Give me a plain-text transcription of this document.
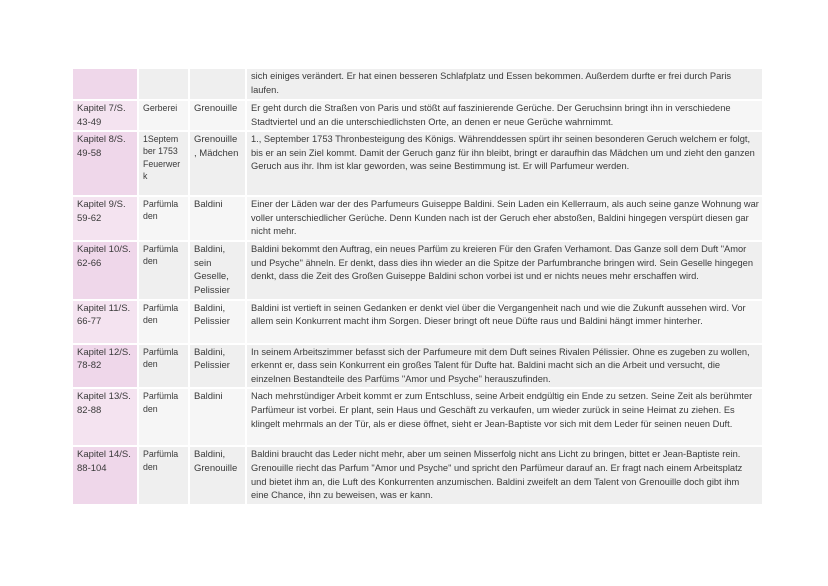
			sich einiges verändert. Er hat einen besseren Schlafplatz und Essen bekommen. Außerdem durfte er frei durch Paris laufen.
Kapitel 7/S. 43-49	Gerberei	Grenouille	Er geht durch die Straßen von Paris und stößt auf faszinierende Gerüche. Der Geruchsinn bringt ihn in verschiedene Stadtviertel und an die unterschiedlichsten Orte, an denen er neue Gerüche wahrnimmt.
Kapitel 8/S. 49-58	1Septem ber 1753 Feuerwer k	Grenouille , Mädchen	1., September 1753 Thronbesteigung des Königs. Währenddessen spürt ihr seinen besonderen Geruch welchem er folgt, bis er an sein Ziel kommt. Damit der Geruch ganz für ihn bleibt, bringt er daraufhin das Mädchen um und zieht den ganzen Geruch aus ihr. Ihm ist klar geworden, was seine Bestimmung ist. Er will Parfumeur werden.
Kapitel 9/S. 59-62	Parfümla den	Baldini	Einer der Läden war der des Parfumeurs Guiseppe Baldini. Sein Laden ein Kellerraum, als auch seine ganze Wohnung war voller unterschiedlicher Gerüche. Denn Kunden nach ist der Geruch eher abstoßen, Baldini hingegen verspürt diesen gar nicht mehr.
Kapitel 10/S. 62-66	Parfümla den	Baldini, sein Geselle, Pelissier	Baldini bekommt den Auftrag, ein neues Parfüm zu kreieren Für den Grafen Verhamont. Das Ganze soll dem Duft "Amor und Psyche" ähneln. Er denkt, dass dies ihn wieder an die Spitze der Parfumbranche bringen wird. Sein Geselle hingegen denkt, dass die Zeit des Großen Guiseppe Baldini schon vorbei ist und er nichts neues mehr erschaffen wird.
Kapitel 11/S. 66-77	Parfümla den	Baldini, Pelissier	Baldini ist vertieft in seinen Gedanken er denkt viel über die Vergangenheit nach und wie die Zukunft aussehen wird. Vor allem sein Konkurrent macht ihm Sorgen. Dieser bringt oft neue Düfte raus und Baldini hängt immer hinterher.
Kapitel 12/S. 78-82	Parfümla den	Baldini, Pelissier	In seinem Arbeitszimmer befasst sich der Parfumeure mit dem Duft seines Rivalen Pélissier. Ohne es zugeben zu wollen, erkennt er, dass sein Konkurrent ein großes Talent für Dufte hat. Baldini macht sich an die Arbeit und versucht, die einzelnen Bestandteile des Parfüms "Amor und Psyche" herauszufinden.
Kapitel 13/S. 82-88	Parfümla den	Baldini	Nach mehrstündiger Arbeit kommt er zum Entschluss, seine Arbeit endgültig ein Ende zu setzen. Seine Zeit als berühmter Parfümeur ist vorbei. Er plant, sein Haus und Geschäft zu verkaufen, um wieder zurück in seine Heimat zu ziehen. Es klingelt mehrmals an der Tür, als er diese öffnet, sieht er Jean-Baptiste vor sich mit dem Leder für seinen neuen Duft.
Kapitel 14/S. 88-104	Parfümla den	Baldini, Grenouille	Baldini braucht das Leder nicht mehr, aber um seinen Misserfolg nicht ans Licht zu bringen, bittet er Jean-Baptiste rein. Grenouille riecht das Parfum "Amor und Psyche" und spricht den Parfümeur darauf an. Er fragt nach einem Arbeitsplatz und bietet ihm an, die Luft des Konkurrenten anzumischen. Baldini zweifelt an dem Talent von Grenouille doch gibt ihm eine Chance, ihn zu beweisen, was er kann.
